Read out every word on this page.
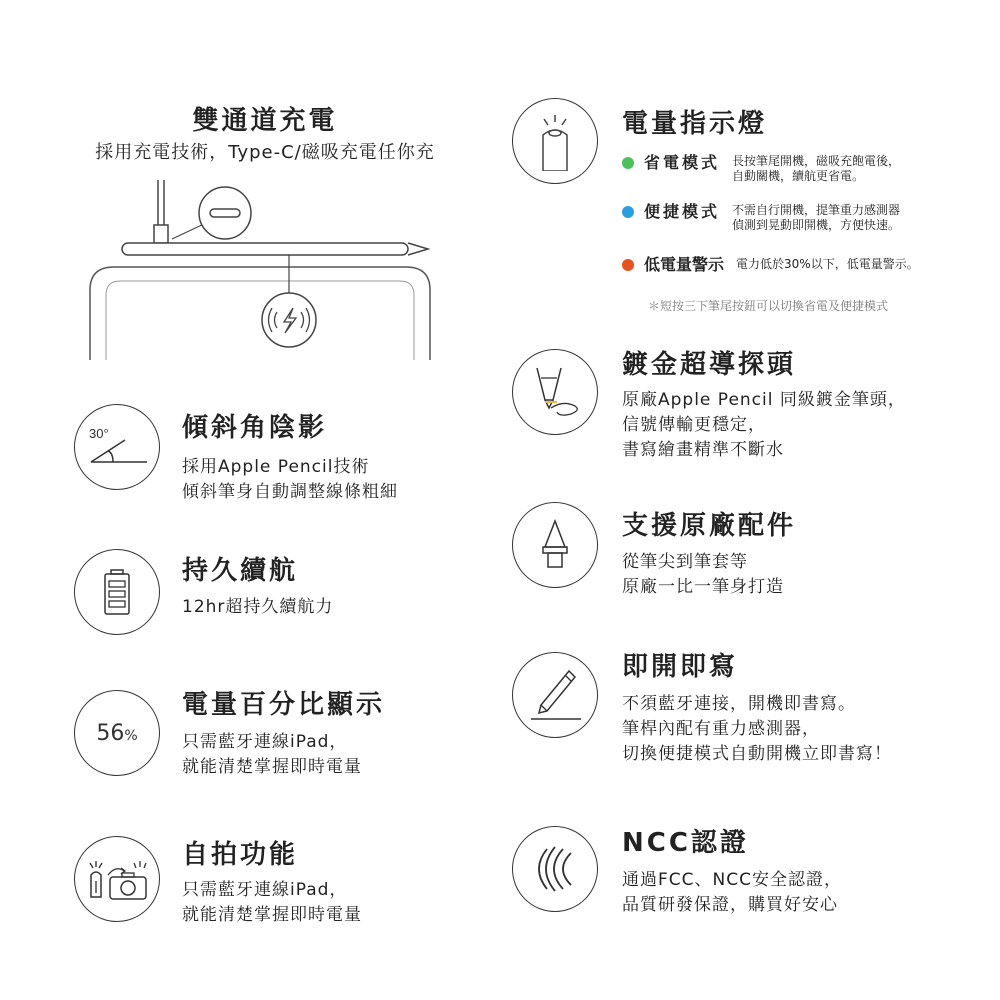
雙通道充電
採用充電技術，Type-C/磁吸充電任你充
電量指示燈
省電模式 長按筆尾開機，磁吸充飽電後，
自動關機，續航更省電。
便捷模式 不需自行開機，提筆重力感測器
偵測到晃動即開機，方便快速。
低電量警示 電力低於30%以下，低電量警示。
＊短按三下筆尾按鈕可以切換省電及便捷模式
30°	傾斜角陰影
採用Apple Pencil技術
傾斜筆身自動調整線條粗細
持久續航
12hr超持久續航力
56%
電量百分比顯示
只需藍牙連線iPad，
就能清楚掌握即時電量
自拍功能
只需藍牙連線iPad，
就能清楚掌握即時電量
鍍金超導探頭
原廠Apple Pencil 同級鍍金筆頭，
信號傳輸更穩定，
書寫繪畫精準不斷水
支援原廠配件
從筆尖到筆套等
原廠一比一筆身打造
即開即寫
不須藍牙連接，開機即書寫。
筆桿內配有重力感測器，
切換便捷模式自動開機立即書寫！
NCC認證
通過FCC、NCC安全認證，
品質研發保證，購買好安心
